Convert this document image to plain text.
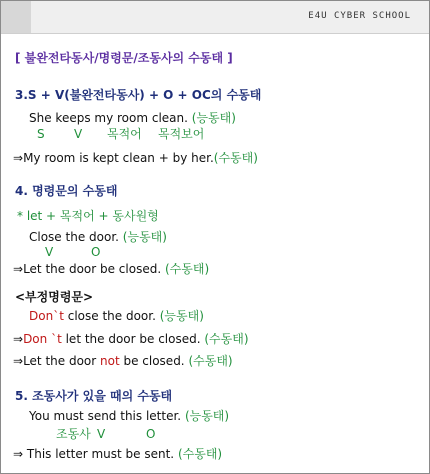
E4U CYBER SCHOOL
[ 불완전타동사/명령문/조동사의 수동태 ]
3.S + V(불완전타동사) + O + OC의 수동태
She keeps my room clean. (능동태)
S V 목적어 목적보어
⇒My room is kept clean + by her.(수동태)
4. 명령문의 수동태
* let + 목적어 + 동사원형
Close the door. (능동태)
V	O
⇒Let the door be closed. (수동태)
<부정명령문>
Don`t close the door. (능동태)
⇒Don `t let the door be closed. (수동태)
⇒Let the door not be closed. (수동태)
5. 조동사가 있을 때의 수동태
You must send this letter. (능동태)
조동사 V	O
⇒ This letter must be sent. (수동태)
